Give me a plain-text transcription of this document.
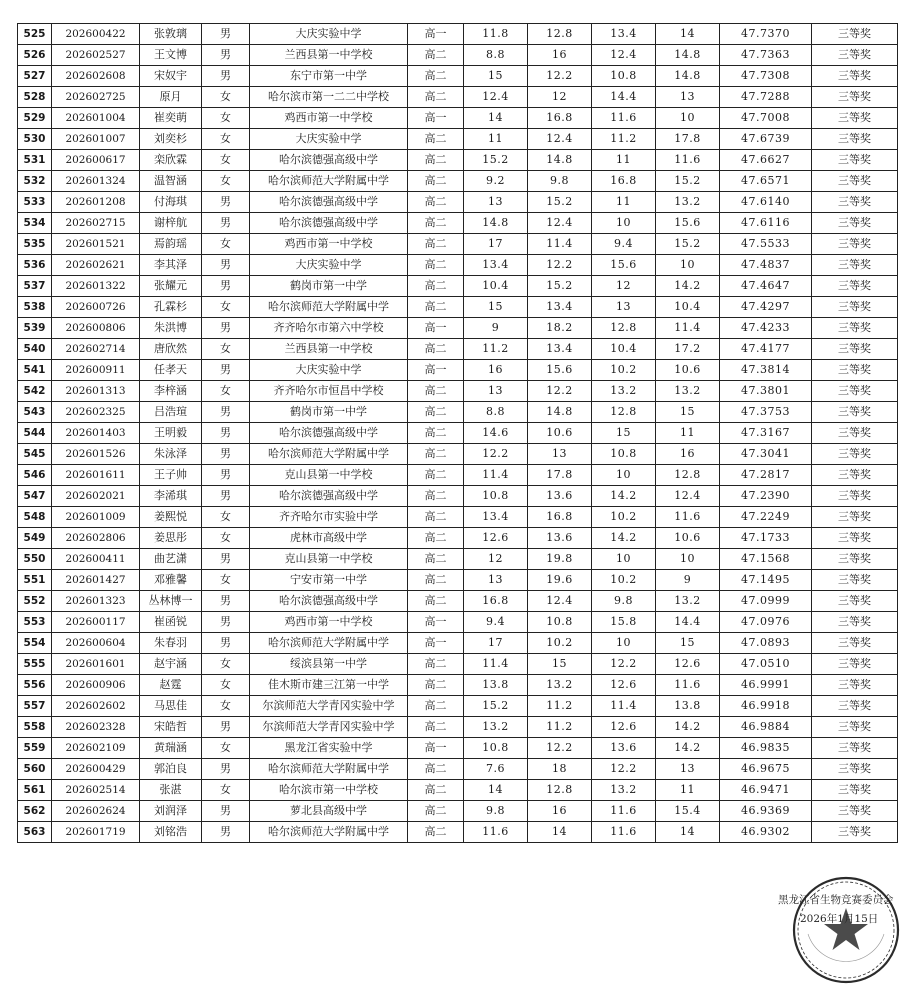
525	202600422	张敦璃	男	大庆实验中学	高一	11.8	12.8	13.4	14	47.7370	三等奖
526	202602527	王文博	男	兰西县第一中学校	高二	8.8	16	12.4	14.8	47.7363	三等奖
527	202602608	宋奴宇	男	东宁市第一中学	高二	15	12.2	10.8	14.8	47.7308	三等奖
528	202602725	原月	女	哈尔滨市第一二二中学校	高二	12.4	12	14.4	13	47.7288	三等奖
529	202601004	崔奕萌	女	鸡西市第一中学校	高一	14	16.8	11.6	10	47.7008	三等奖
530	202601007	刘奕杉	女	大庆实验中学	高二	11	12.4	11.2	17.8	47.6739	三等奖
531	202600617	栾欣霖	女	哈尔滨德强高级中学	高二	15.2	14.8	11	11.6	47.6627	三等奖
532	202601324	温智涵	女	哈尔滨师范大学附属中学	高二	9.2	9.8	16.8	15.2	47.6571	三等奖
533	202601208	付海琪	男	哈尔滨德强高级中学	高二	13	15.2	11	13.2	47.6140	三等奖
534	202602715	谢梓航	男	哈尔滨德强高级中学	高二	14.8	12.4	10	15.6	47.6116	三等奖
535	202601521	焉韵瑶	女	鸡西市第一中学校	高二	17	11.4	9.4	15.2	47.5533	三等奖
536	202602621	李其泽	男	大庆实验中学	高二	13.4	12.2	15.6	10	47.4837	三等奖
537	202601322	张耀元	男	鹤岗市第一中学	高二	10.4	15.2	12	14.2	47.4647	三等奖
538	202600726	孔霖杉	女	哈尔滨师范大学附属中学	高二	15	13.4	13	10.4	47.4297	三等奖
539	202600806	朱洪博	男	齐齐哈尔市第六中学校	高一	9	18.2	12.8	11.4	47.4233	三等奖
540	202602714	唐欣然	女	兰西县第一中学校	高二	11.2	13.4	10.4	17.2	47.4177	三等奖
541	202600911	任孝天	男	大庆实验中学	高一	16	15.6	10.2	10.6	47.3814	三等奖
542	202601313	李梓涵	女	齐齐哈尔市恒昌中学校	高二	13	12.2	13.2	13.2	47.3801	三等奖
543	202602325	吕浩瑄	男	鹤岗市第一中学	高二	8.8	14.8	12.8	15	47.3753	三等奖
544	202601403	王明毅	男	哈尔滨德强高级中学	高二	14.6	10.6	15	11	47.3167	三等奖
545	202601526	朱泳泽	男	哈尔滨师范大学附属中学	高二	12.2	13	10.8	16	47.3041	三等奖
546	202601611	王子帅	男	克山县第一中学校	高二	11.4	17.8	10	12.8	47.2817	三等奖
547	202602021	李浠琪	男	哈尔滨德强高级中学	高二	10.8	13.6	14.2	12.4	47.2390	三等奖
548	202601009	姜熙悦	女	齐齐哈尔市实验中学	高二	13.4	16.8	10.2	11.6	47.2249	三等奖
549	202602806	姜思彤	女	虎林市高级中学	高二	12.6	13.6	14.2	10.6	47.1733	三等奖
550	202600411	曲艺潇	男	克山县第一中学校	高二	12	19.8	10	10	47.1568	三等奖
551	202601427	邓雅馨	女	宁安市第一中学	高二	13	19.6	10.2	9	47.1495	三等奖
552	202601323	丛林博一	男	哈尔滨德强高级中学	高二	16.8	12.4	9.8	13.2	47.0999	三等奖
553	202600117	崔函锐	男	鸡西市第一中学校	高一	9.4	10.8	15.8	14.4	47.0976	三等奖
554	202600604	朱春羽	男	哈尔滨师范大学附属中学	高一	17	10.2	10	15	47.0893	三等奖
555	202601601	赵宇涵	女	绥滨县第一中学	高二	11.4	15	12.2	12.6	47.0510	三等奖
556	202600906	赵霆	女	佳木斯市建三江第一中学	高二	13.8	13.2	12.6	11.6	46.9991	三等奖
557	202602602	马思佳	女	尔滨师范大学青冈实验中学	高二	15.2	11.2	11.4	13.8	46.9918	三等奖
558	202602328	宋皓哲	男	尔滨师范大学青冈实验中学	高二	13.2	11.2	12.6	14.2	46.9884	三等奖
559	202602109	黄瑞涵	女	黑龙江省实验中学	高一	10.8	12.2	13.6	14.2	46.9835	三等奖
560	202600429	郭泊良	男	哈尔滨师范大学附属中学	高二	7.6	18	12.2	13	46.9675	三等奖
561	202602514	张湛	女	哈尔滨市第一中学校	高二	14	12.8	13.2	11	46.9471	三等奖
562	202602624	刘润泽	男	萝北县高级中学	高二	9.8	16	11.6	15.4	46.9369	三等奖
563	202601719	刘铭浩	男	哈尔滨师范大学附属中学	高二	11.6	14	11.6	14	46.9302	三等奖
黑龙江省生物竞赛委员会
2026年1月15日
